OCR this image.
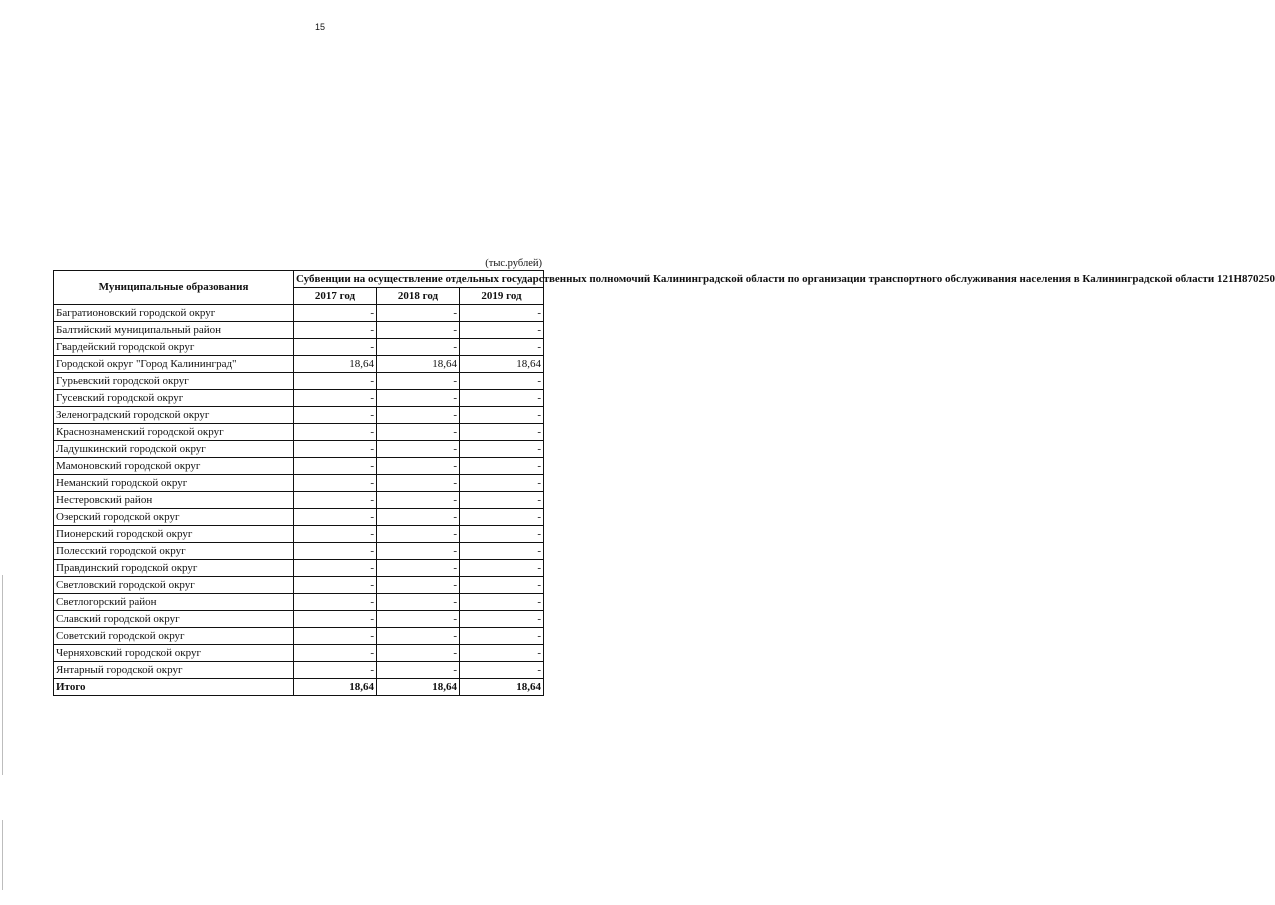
15
(тыс.рублей)
Муниципальные образования	Субвенции на осуществление отдельных государственных полномочий Калининградской области по организации транспортного обслуживания населения в Калининградской области 121H870250		
	2017 год	2018 год	2019 год
Багратионовский городской округ	-	-	-
Балтийский муниципальный район	-	-	-
Гвардейский городской округ	-	-	-
Городской округ "Город Калининград"	18,64	18,64	18,64
Гурьевский городской округ	-	-	-
Гусевский городской округ	-	-	-
Зеленоградский городской округ	-	-	-
Краснознаменский городской округ	-	-	-
Ладушкинский городской округ	-	-	-
Мамоновский городской округ	-	-	-
Неманский городской округ	-	-	-
Нестеровский район	-	-	-
Озерский городской округ	-	-	-
Пионерский городской округ	-	-	-
Полесский городской округ	-	-	-
Правдинский городской округ	-	-	-
Светловский городской округ	-	-	-
Светлогорский район	-	-	-
Славский городской округ	-	-	-
Советский городской округ	-	-	-
Черняховский городской округ	-	-	-
Янтарный городской округ	-	-	-
Итого	18,64	18,64	18,64
